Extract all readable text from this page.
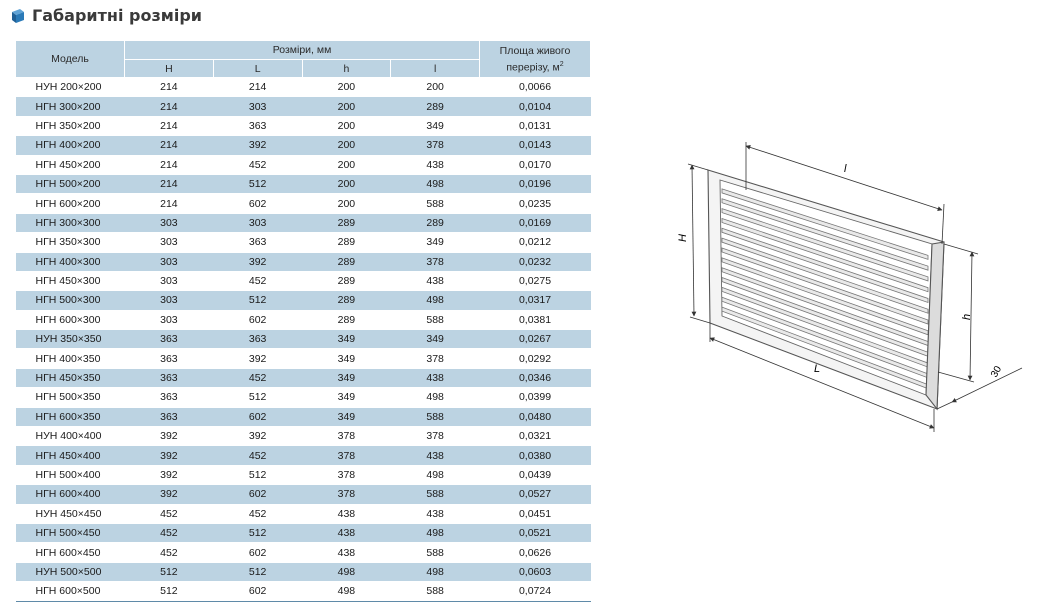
Габаритні розміри
Модель	Розміри, мм				Площа живого
перерізу, $м^2$
	H	L	h	l	
НУН 200×200	214	214	200	200	0,0066
НГН 300×200	214	303	200	289	0,0104
НГН 350×200	214	363	200	349	0,0131
НГН 400×200	214	392	200	378	0,0143
НГН 450×200	214	452	200	438	0,0170
НГН 500×200	214	512	200	498	0,0196
НГН 600×200	214	602	200	588	0,0235
НГН 300×300	303	303	289	289	0,0169
НГН 350×300	303	363	289	349	0,0212
НГН 400×300	303	392	289	378	0,0232
НГН 450×300	303	452	289	438	0,0275
НГН 500×300	303	512	289	498	0,0317
НГН 600×300	303	602	289	588	0,0381
НУН 350×350	363	363	349	349	0,0267
НГН 400×350	363	392	349	378	0,0292
НГН 450×350	363	452	349	438	0,0346
НГН 500×350	363	512	349	498	0,0399
НГН 600×350	363	602	349	588	0,0480
НУН 400×400	392	392	378	378	0,0321
НГН 450×400	392	452	378	438	0,0380
НГН 500×400	392	512	378	498	0,0439
НГН 600×400	392	602	378	588	0,0527
НУН 450×450	452	452	438	438	0,0451
НГН 500×450	452	512	438	498	0,0521
НГН 600×450	452	602	438	588	0,0626
НУН 500×500	512	512	498	498	0,0603
НГН 600×500	512	602	498	588	0,0724
H
l
h
L	30
